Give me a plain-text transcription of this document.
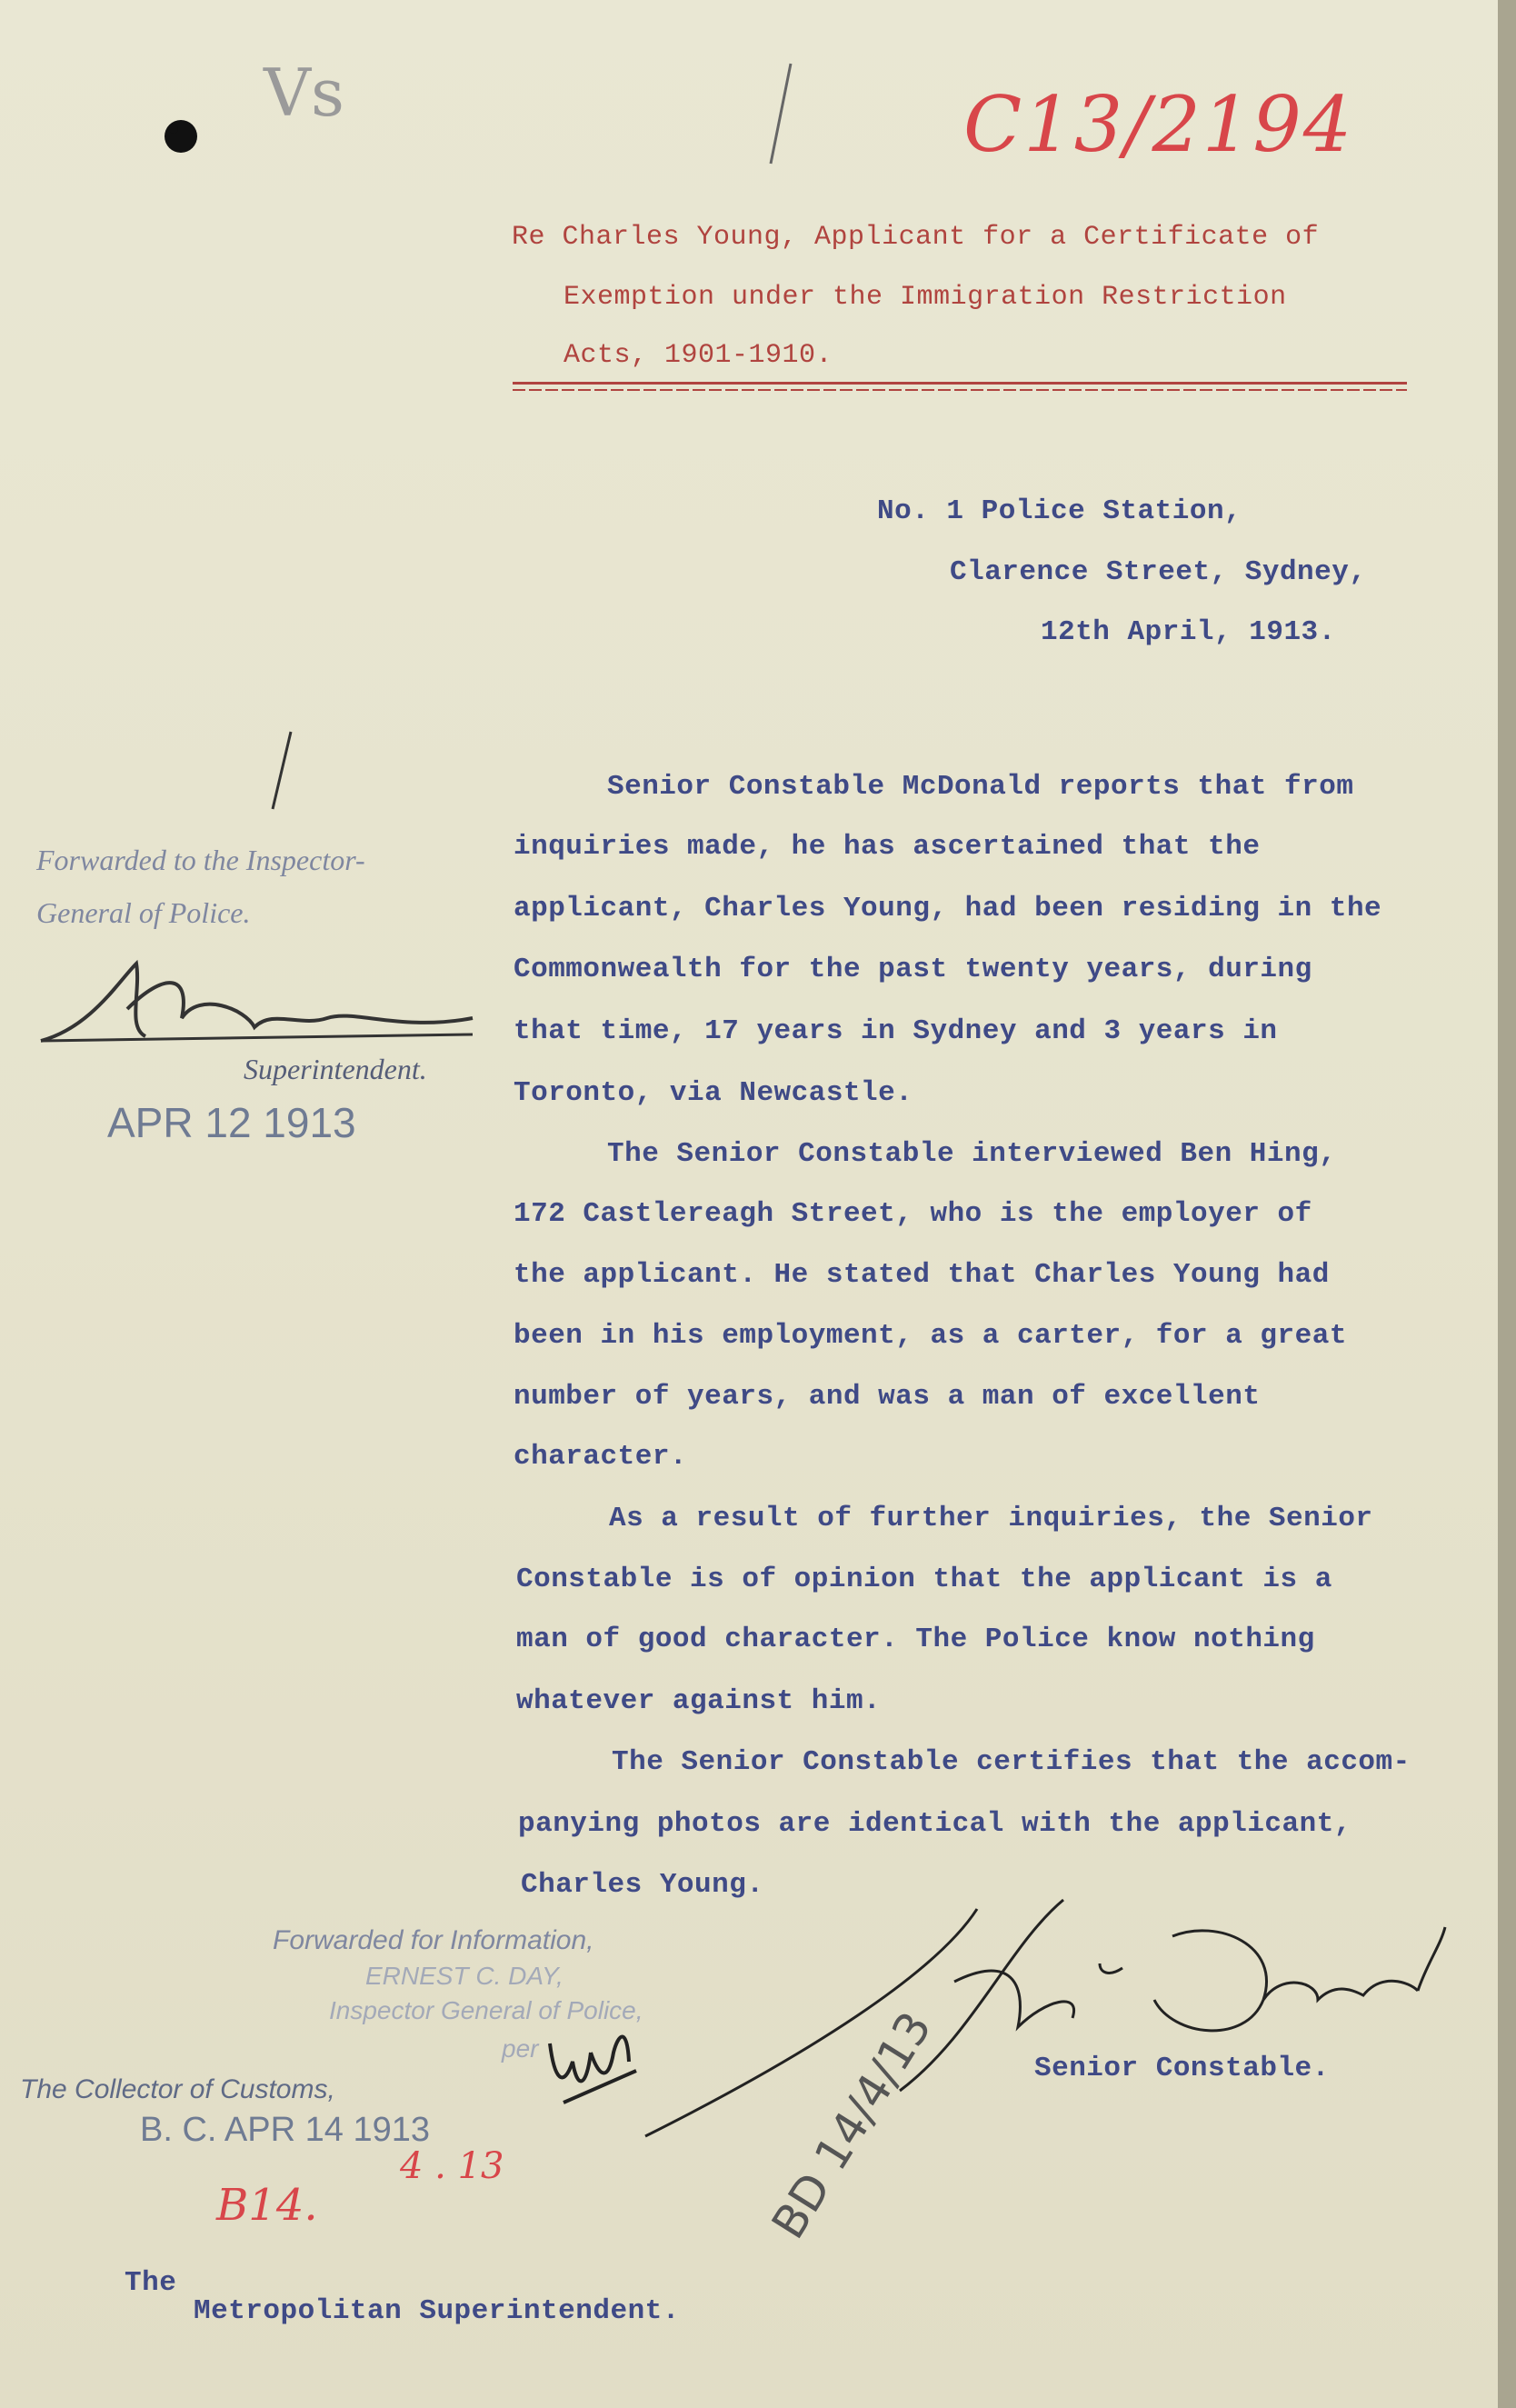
Vs	C13/2194
Re Charles Young, Applicant for a Certificate of
Exemption under the Immigration Restriction
Acts, 1901-1910.
No. 1 Police Station,
Clarence Street, Sydney,
12th April, 1913.
Senior Constable McDonald reports that from
inquiries made, he has ascertained that the
applicant, Charles Young, had been residing in the
Commonwealth for the past twenty years, during
that time, 17 years in Sydney and 3 years in
Toronto, via Newcastle.
The Senior Constable interviewed Ben Hing,
172 Castlereagh Street, who is the employer of
the applicant. He stated that Charles Young had
been in his employment, as a carter, for a great
number of years, and was a man of excellent
character.
As a result of further inquiries, the Senior
Constable is of opinion that the applicant is a
man of good character. The Police know nothing
whatever against him.
The Senior Constable certifies that the accom-
panying photos are identical with the applicant,
Charles Young.
Forwarded to the Inspector-
General of Police.
Superintendent.
APR 12 1913
Senior Constable.
Forwarded for Information,
ERNEST C. DAY,
Inspector General of Police,
per
The Collector of Customs,
B. C. APR 14 1913
B14.
4 . 13	BD 14/4/13
The
Metropolitan Superintendent.
